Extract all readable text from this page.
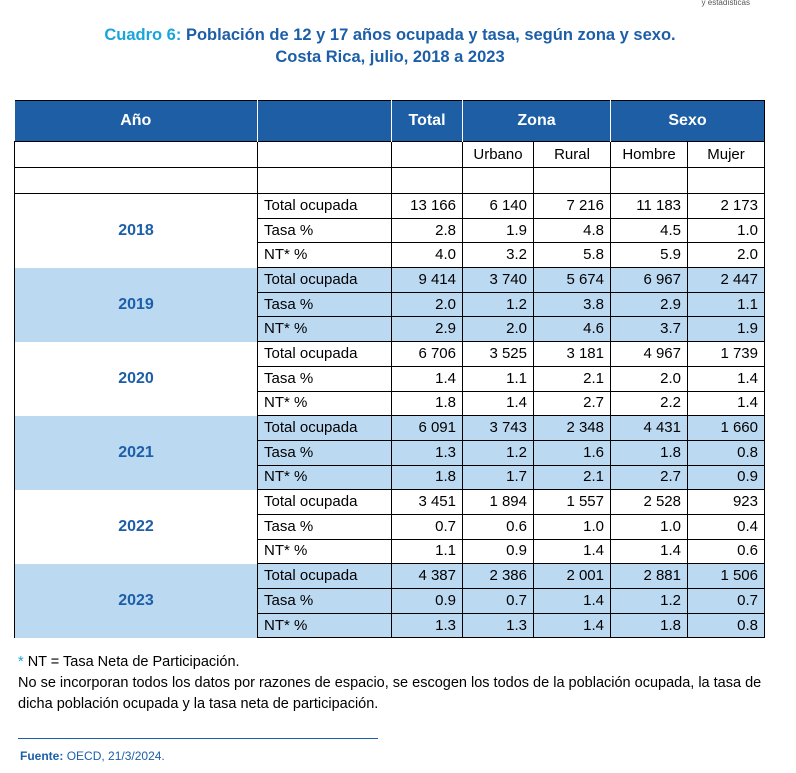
y estadísticas
Cuadro 6: Población de 12 y 17 años ocupada y tasa, según zona y sexo.
Costa Rica, julio, 2018 a 2023
Año		Total	Zona		Sexo	
			Urbano	Rural	Hombre	Mujer

2018	Total ocupada	13 166	6 140	7 216	11 183	2 173
	Tasa %	2.8	1.9	4.8	4.5	1.0
	NT* %	4.0	3.2	5.8	5.9	2.0
2019	Total ocupada	9 414	3 740	5 674	6 967	2 447
	Tasa %	2.0	1.2	3.8	2.9	1.1
	NT* %	2.9	2.0	4.6	3.7	1.9
2020	Total ocupada	6 706	3 525	3 181	4 967	1 739
	Tasa %	1.4	1.1	2.1	2.0	1.4
	NT* %	1.8	1.4	2.7	2.2	1.4
2021	Total ocupada	6 091	3 743	2 348	4 431	1 660
	Tasa %	1.3	1.2	1.6	1.8	0.8
	NT* %	1.8	1.7	2.1	2.7	0.9
2022	Total ocupada	3 451	1 894	1 557	2 528	923
	Tasa %	0.7	0.6	1.0	1.0	0.4
	NT* %	1.1	0.9	1.4	1.4	0.6
2023	Total ocupada	4 387	2 386	2 001	2 881	1 506
	Tasa %	0.9	0.7	1.4	1.2	0.7
	NT* %	1.3	1.3	1.4	1.8	0.8
* NT = Tasa Neta de Participación.
No se incorporan todos los datos por razones de espacio, se escogen los todos de la población ocupada, la tasa de dicha población ocupada y la tasa neta de participación.
Fuente: OECD, 21/3/2024.
